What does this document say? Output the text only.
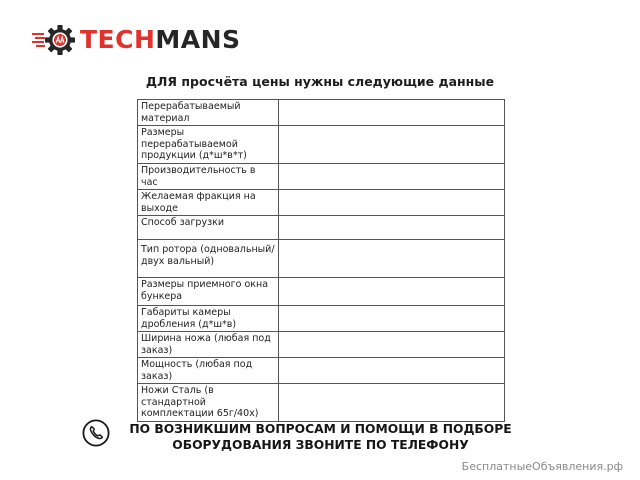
TECHMANS
ДЛЯ просчёта цены нужны следующие данные
Перерабатываемый материал	
Размеры перерабатываемой продукции (д*ш*в*т)	
Производительность в час	
Желаемая фракция на выходе	
Способ загрузки	
Тип ротора (одновальный/двух вальный)	
Размеры приемного окна бункера	
Габариты камеры дробления (д*ш*в)	
Ширина ножа (любая под заказ)	
Мощность (любая под заказ)	
Ножи Сталь (в стандартной комплектации 65г/40х)	
ПО ВОЗНИКШИМ ВОПРОСАМ И ПОМОЩИ В ПОДБОРЕ
ОБОРУДОВАНИЯ ЗВОНИТЕ ПО ТЕЛЕФОНУ
БесплатныеОбъявления.рф
